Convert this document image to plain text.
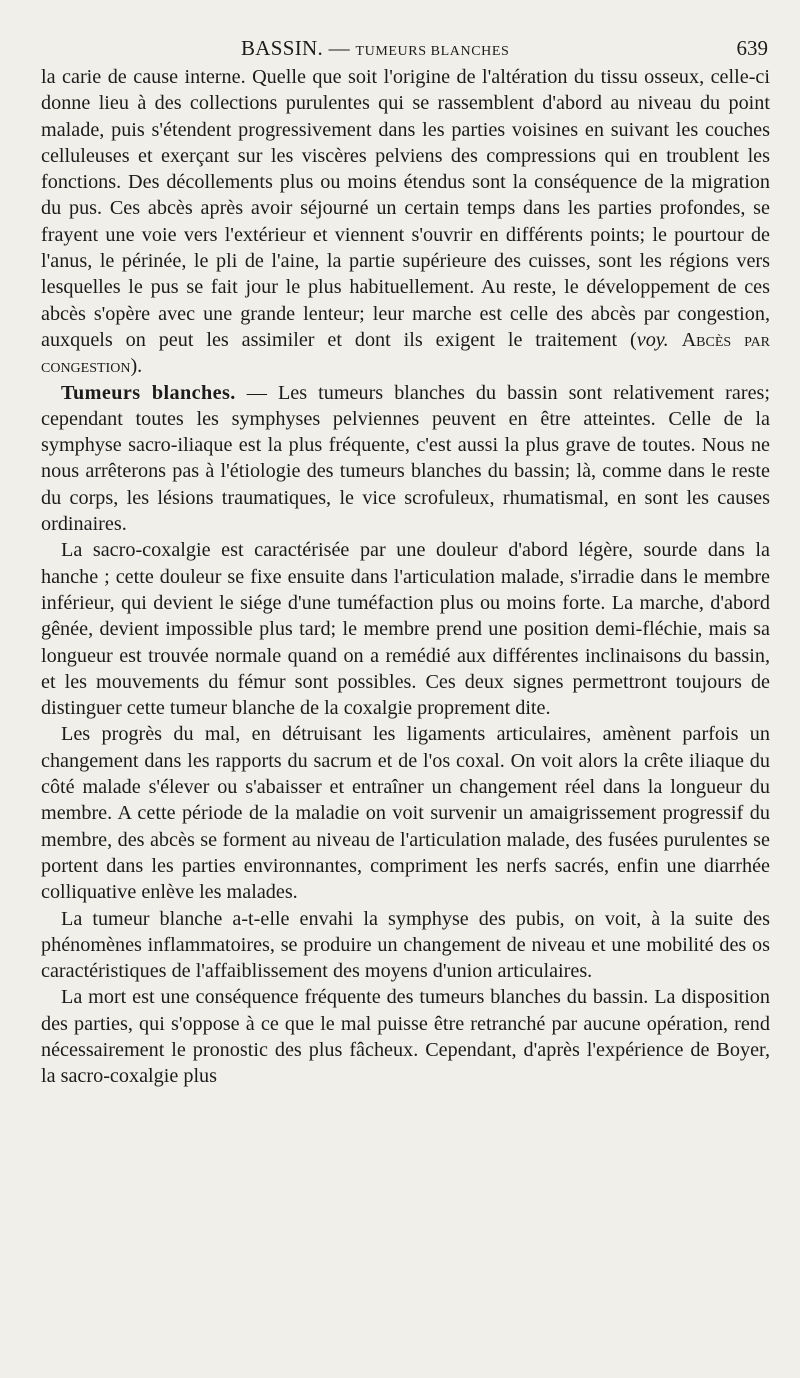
BASSIN. — TUMEURS BLANCHES	639

la carie de cause interne. Quelle que soit l'origine de l'altération du tissu osseux, celle-ci donne lieu à des collections purulentes qui se rassemblent d'abord au niveau du point malade, puis s'étendent progressivement dans les parties voisines en suivant les couches celluleuses et exerçant sur les viscères pelviens des compressions qui en troublent les fonctions. Des décollements plus ou moins étendus sont la conséquence de la migration du pus. Ces abcès après avoir séjourné un certain temps dans les parties profondes, se frayent une voie vers l'extérieur et viennent s'ouvrir en différents points; le pourtour de l'anus, le périnée, le pli de l'aine, la partie supérieure des cuisses, sont les régions vers lesquelles le pus se fait jour le plus habituellement. Au reste, le développement de ces abcès s'opère avec une grande lenteur; leur marche est celle des abcès par congestion, auxquels on peut les assimiler et dont ils exigent le traitement (voy. Abcès par congestion).

Tumeurs blanches. — Les tumeurs blanches du bassin sont relativement rares; cependant toutes les symphyses pelviennes peuvent en être atteintes. Celle de la symphyse sacro-iliaque est la plus fréquente, c'est aussi la plus grave de toutes. Nous ne nous arrêterons pas à l'étiologie des tumeurs blanches du bassin; là, comme dans le reste du corps, les lésions traumatiques, le vice scrofuleux, rhumatismal, en sont les causes ordinaires.

La sacro-coxalgie est caractérisée par une douleur d'abord légère, sourde dans la hanche ; cette douleur se fixe ensuite dans l'articulation malade, s'irradie dans le membre inférieur, qui devient le siége d'une tuméfaction plus ou moins forte. La marche, d'abord gênée, devient impossible plus tard; le membre prend une position demi-fléchie, mais sa longueur est trouvée normale quand on a remédié aux différentes inclinaisons du bassin, et les mouvements du fémur sont possibles. Ces deux signes permettront toujours de distinguer cette tumeur blanche de la coxalgie proprement dite.

Les progrès du mal, en détruisant les ligaments articulaires, amènent parfois un changement dans les rapports du sacrum et de l'os coxal. On voit alors la crête iliaque du côté malade s'élever ou s'abaisser et entraîner un changement réel dans la longueur du membre. A cette période de la maladie on voit survenir un amaigrissement progressif du membre, des abcès se forment au niveau de l'articulation malade, des fusées purulentes se portent dans les parties environnantes, compriment les nerfs sacrés, enfin une diarrhée colliquative enlève les malades.

La tumeur blanche a-t-elle envahi la symphyse des pubis, on voit, à la suite des phénomènes inflammatoires, se produire un changement de niveau et une mobilité des os caractéristiques de l'affaiblissement des moyens d'union articulaires.

La mort est une conséquence fréquente des tumeurs blanches du bassin. La disposition des parties, qui s'oppose à ce que le mal puisse être retranché par aucune opération, rend nécessairement le pronostic des plus fâcheux. Cependant, d'après l'expérience de Boyer, la sacro-coxalgie plus
